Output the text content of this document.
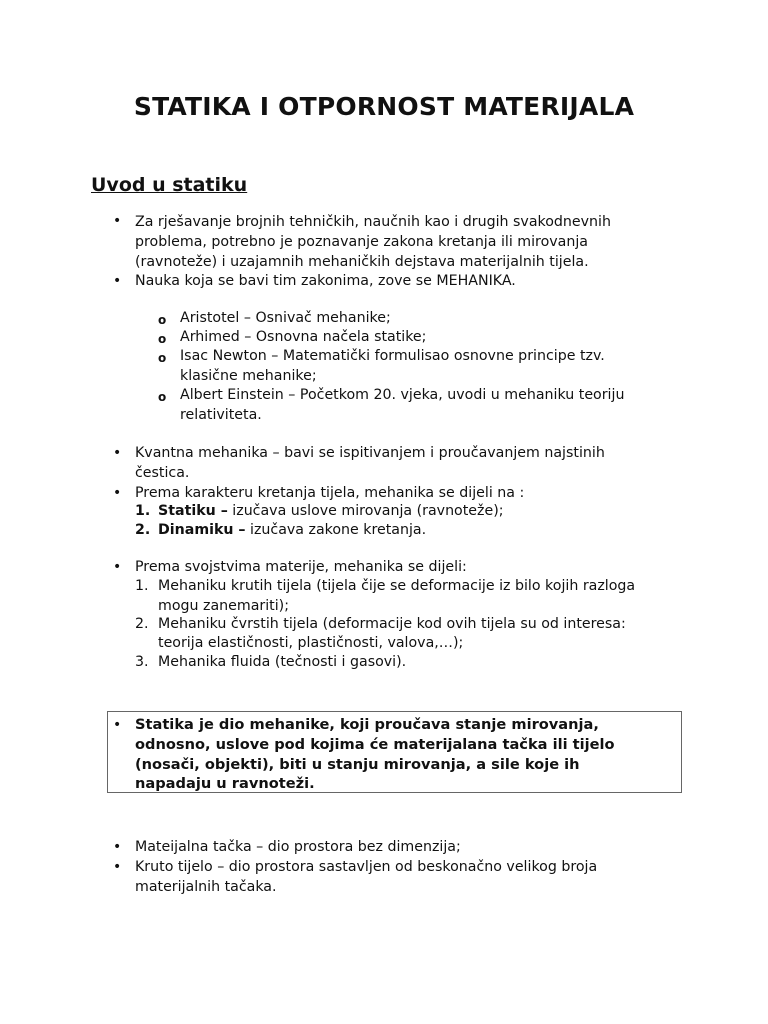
STATIKA I OTPORNOST MATERIJALA
Uvod u statiku
• Za rješavanje brojnih tehničkih, naučnih kao i drugih svakodnevnih
problema, potrebno je poznavanje zakona kretanja ili mirovanja
(ravnoteže) i uzajamnih mehaničkih dejstava materijalnih tijela.
• Nauka koja se bavi tim zakonima, zove se MEHANIKA.
o Aristotel – Osnivač mehanike;
o Arhimed – Osnovna načela statike;
o Isac Newton – Matematički formulisao osnovne principe tzv.
klasične mehanike;
o Albert Einstein – Početkom 20. vjeka, uvodi u mehaniku teoriju
relativiteta.
• Kvantna mehanika – bavi se ispitivanjem i proučavanjem najstinih
čestica.
• Prema karakteru kretanja tijela, mehanika se dijeli na :
1. Statiku – izučava uslove mirovanja (ravnoteže);
2. Dinamiku – izučava zakone kretanja.
• Prema svojstvima materije, mehanika se dijeli:
1. Mehaniku krutih tijela (tijela čije se deformacije iz bilo kojih razloga
mogu zanemariti);
2. Mehaniku čvrstih tijela (deformacije kod ovih tijela su od interesa:
teorija elastičnosti, plastičnosti, valova,…);
3. Mehanika fluida (tečnosti i gasovi).
• Statika je dio mehanike, koji proučava stanje mirovanja,
odnosno, uslove pod kojima će materijalana tačka ili tijelo
(nosači, objekti), biti u stanju mirovanja, a sile koje ih
napadaju u ravnoteži.
• Mateijalna tačka – dio prostora bez dimenzija;
• Kruto tijelo – dio prostora sastavljen od beskonačno velikog broja
materijalnih tačaka.
